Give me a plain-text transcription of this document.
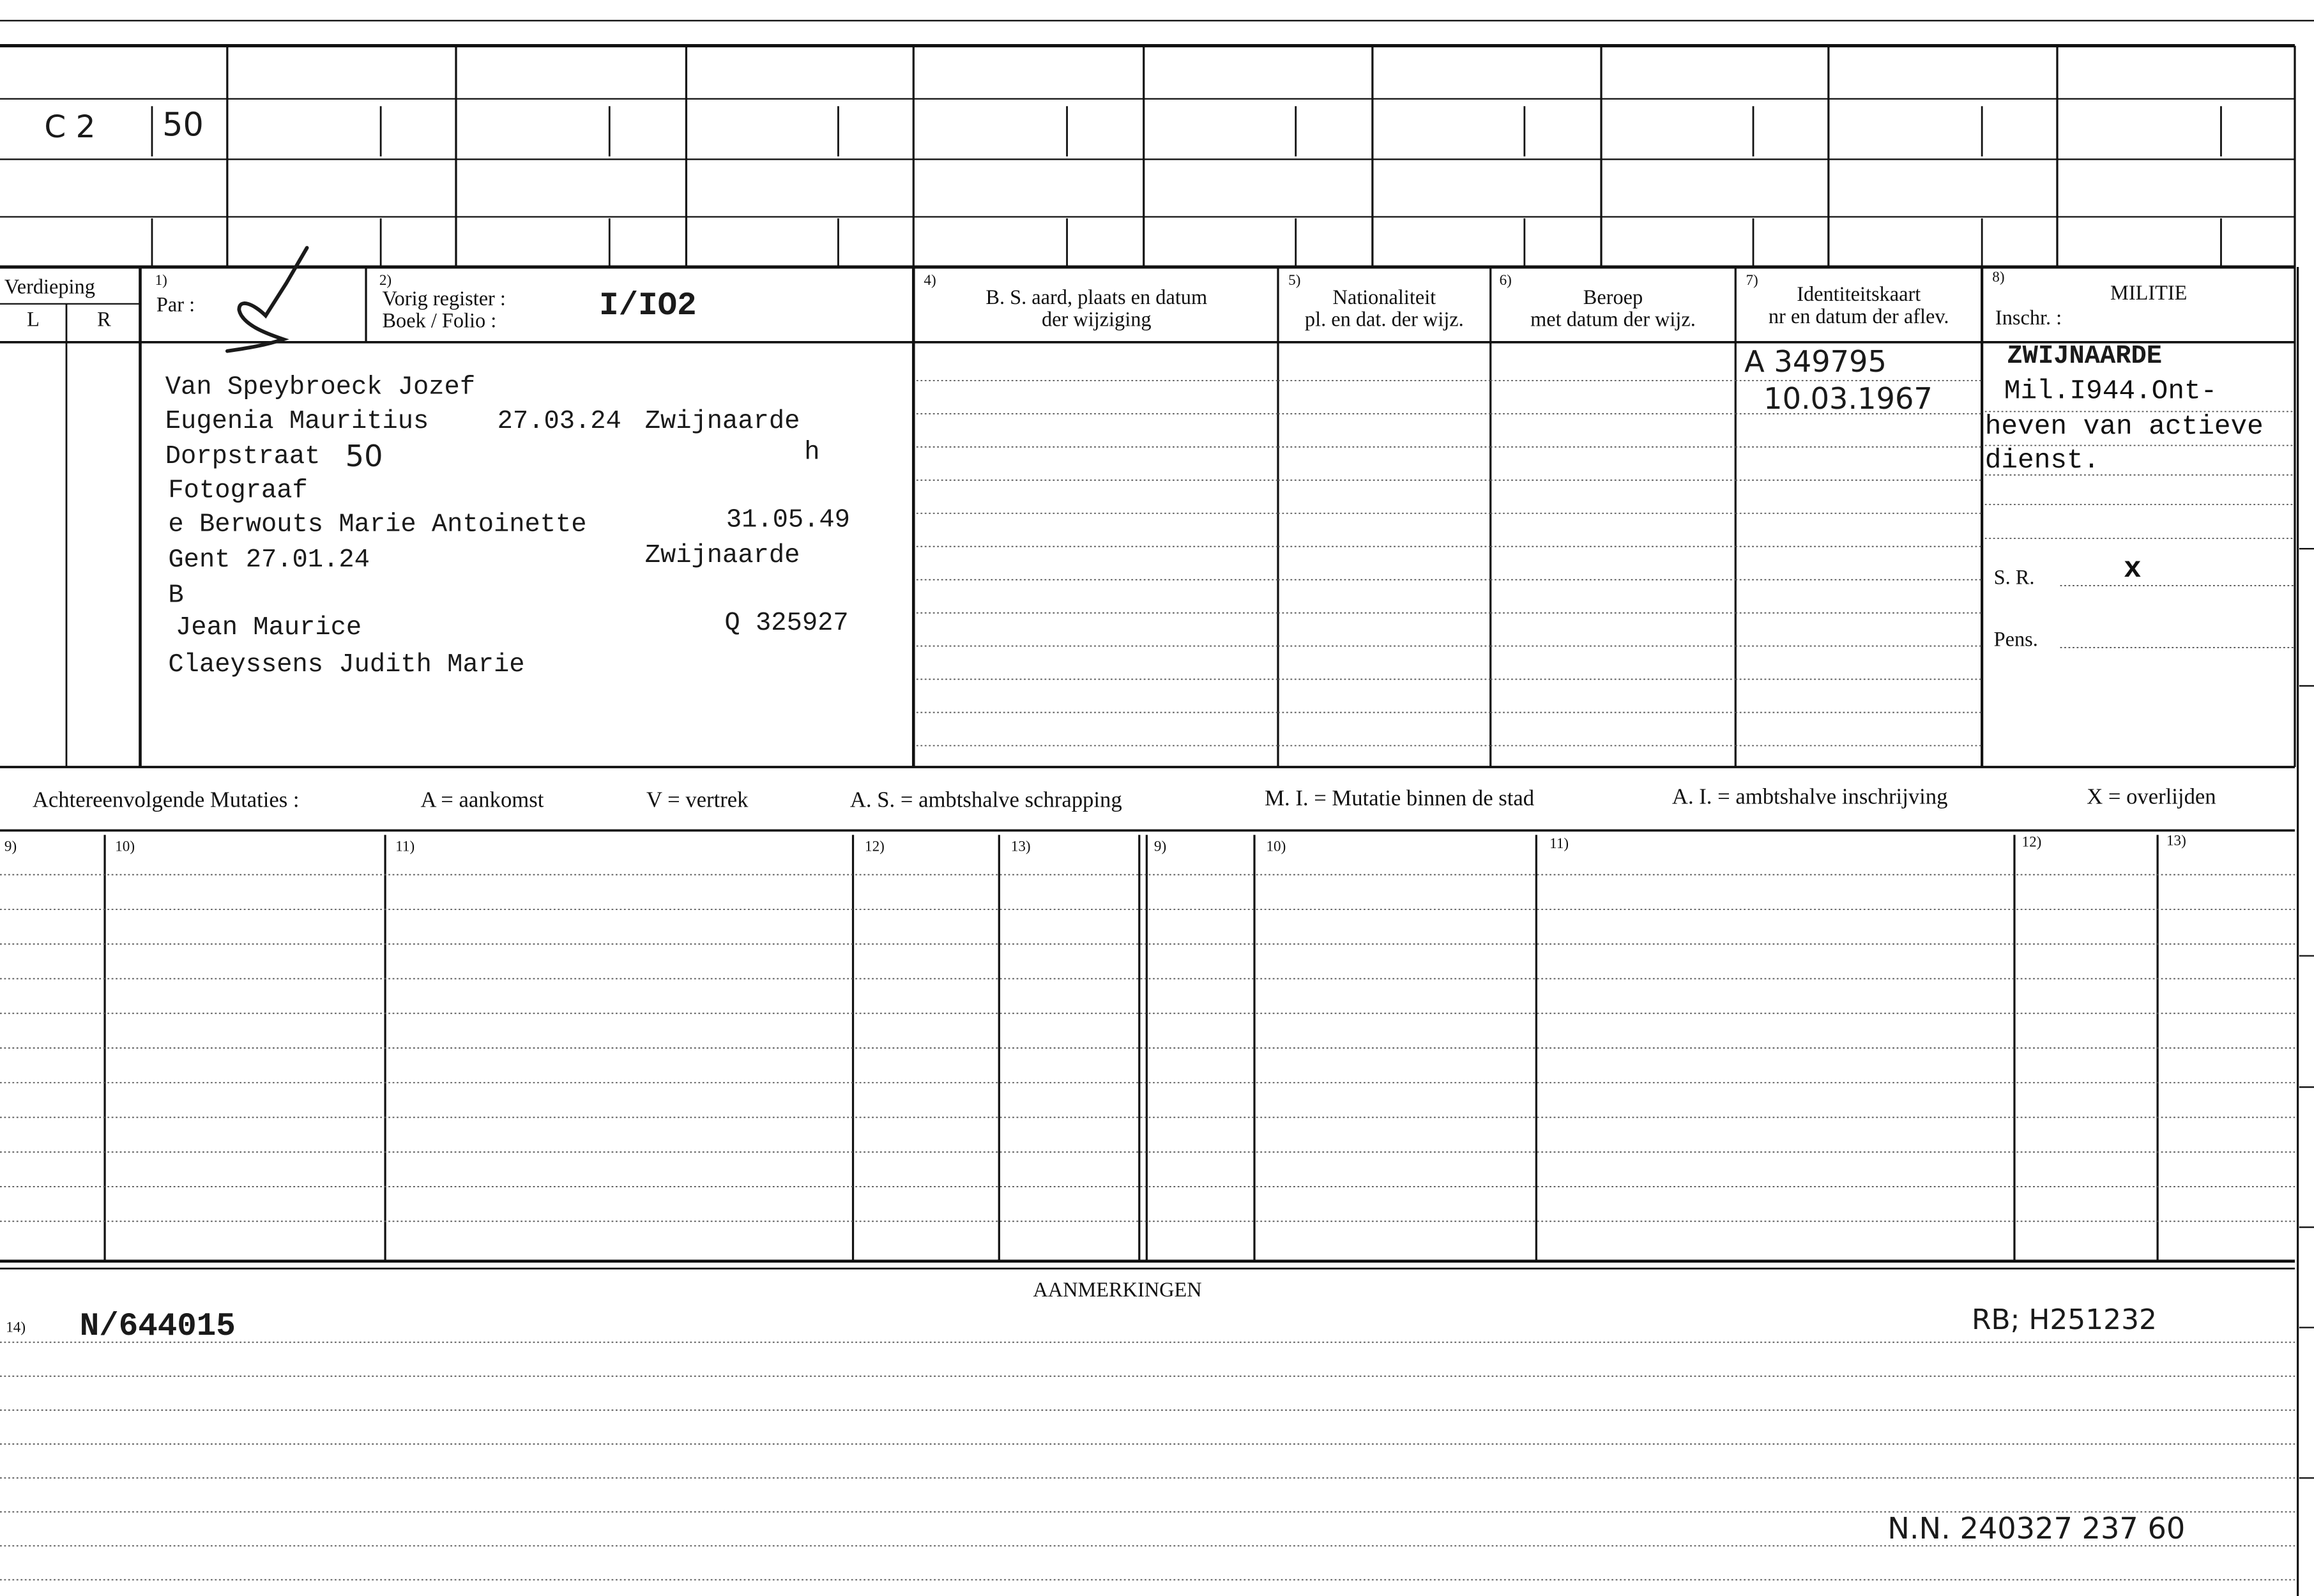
C 2	50
Verdieping
L	R
1)
Par :
2)
Vorig register :
Boek / Folio :	I/IO2
4)
B. S. aard, plaats en datum
der wijziging
5)
Nationaliteit
pl. en dat. der wijz.
6)
Beroep
met datum der wijz.
7)
Identiteitskaart
nr en datum der aflev.
8)
MILITIE
Inschr. :
Van Speybroeck Jozef
Eugenia Mauritius	27.03.24 Zwijnaarde
Dorpstraat 50	h
Fotograaf
e Berwouts Marie Antoinette	31.05.49
Gent 27.01.24	Zwijnaarde
B
Jean Maurice	Q 325927
Claeyssens Judith Marie
A 349795
10.03.1967
ZWIJNAARDE
Mil.I944.Ont-
heven van actieve
dienst.
S. R.	x
Pens.
Achtereenvolgende Mutaties :	A = aankomst	V = vertrek	A. S. = ambtshalve schrapping	M. I. = Mutatie binnen de stad	A. I. = ambtshalve inschrijving	X = overlijden
9)	10)	11)	12)	13)	9)	10)	11)	12)	13)
AANMERKINGEN
14)	N/644015	RB; H251232
N.N. 240327 237 60
